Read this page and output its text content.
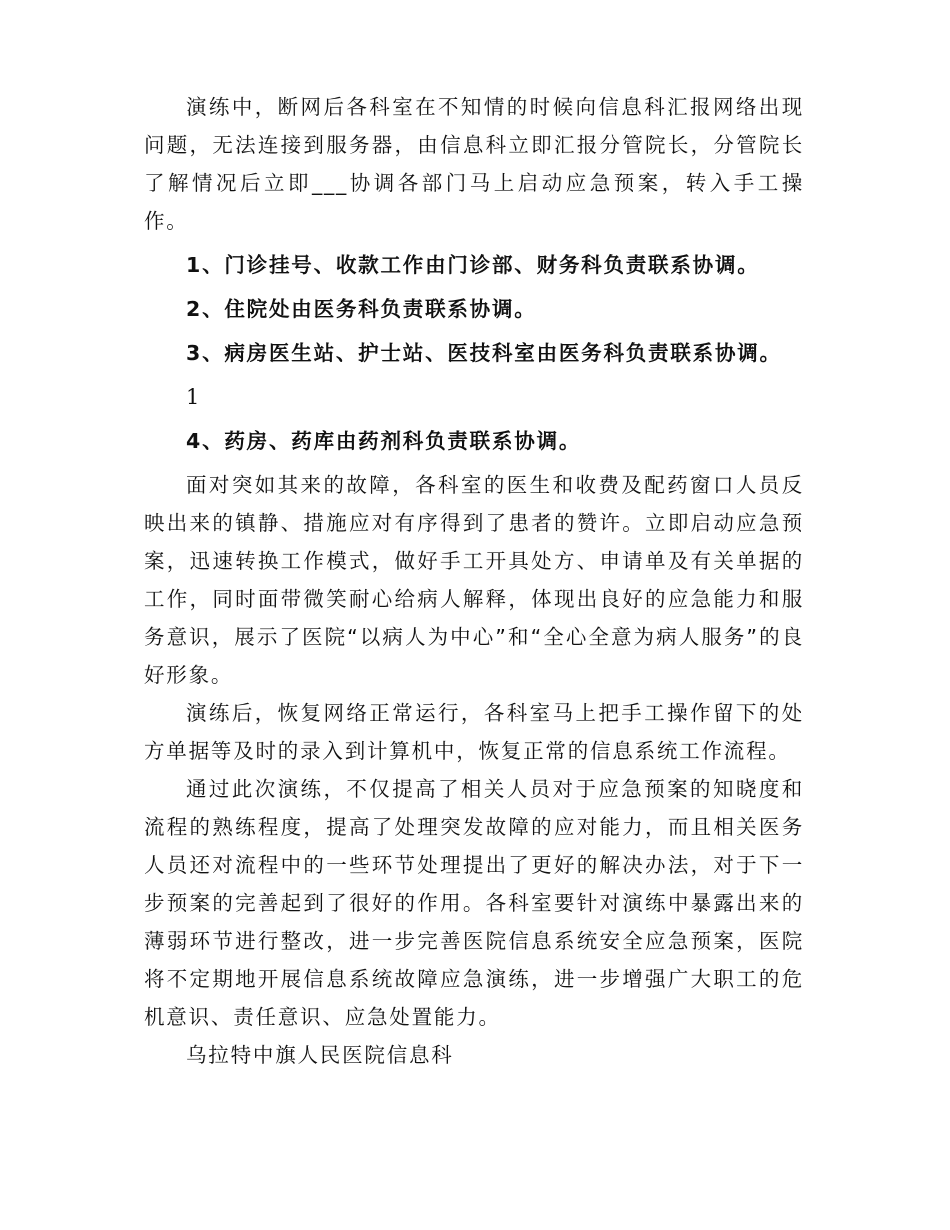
演练中，断网后各科室在不知情的时候向信息科汇报网络出现问题，无法连接到服务器，由信息科立即汇报分管院长，分管院长了解情况后立即___协调各部门马上启动应急预案，转入手工操作。

1、门诊挂号、收款工作由门诊部、财务科负责联系协调。

2、住院处由医务科负责联系协调。

3、病房医生站、护士站、医技科室由医务科负责联系协调。

1

4、药房、药库由药剂科负责联系协调。

面对突如其来的故障，各科室的医生和收费及配药窗口人员反映出来的镇静、措施应对有序得到了患者的赞许。立即启动应急预案，迅速转换工作模式，做好手工开具处方、申请单及有关单据的工作，同时面带微笑耐心给病人解释，体现出良好的应急能力和服务意识，展示了医院“以病人为中心”和“全心全意为病人服务”的良好形象。

演练后，恢复网络正常运行，各科室马上把手工操作留下的处方单据等及时的录入到计算机中，恢复正常的信息系统工作流程。

通过此次演练，不仅提高了相关人员对于应急预案的知晓度和流程的熟练程度，提高了处理突发故障的应对能力，而且相关医务人员还对流程中的一些环节处理提出了更好的解决办法，对于下一步预案的完善起到了很好的作用。各科室要针对演练中暴露出来的薄弱环节进行整改，进一步完善医院信息系统安全应急预案，医院将不定期地开展信息系统故障应急演练，进一步增强广大职工的危机意识、责任意识、应急处置能力。

乌拉特中旗人民医院信息科
